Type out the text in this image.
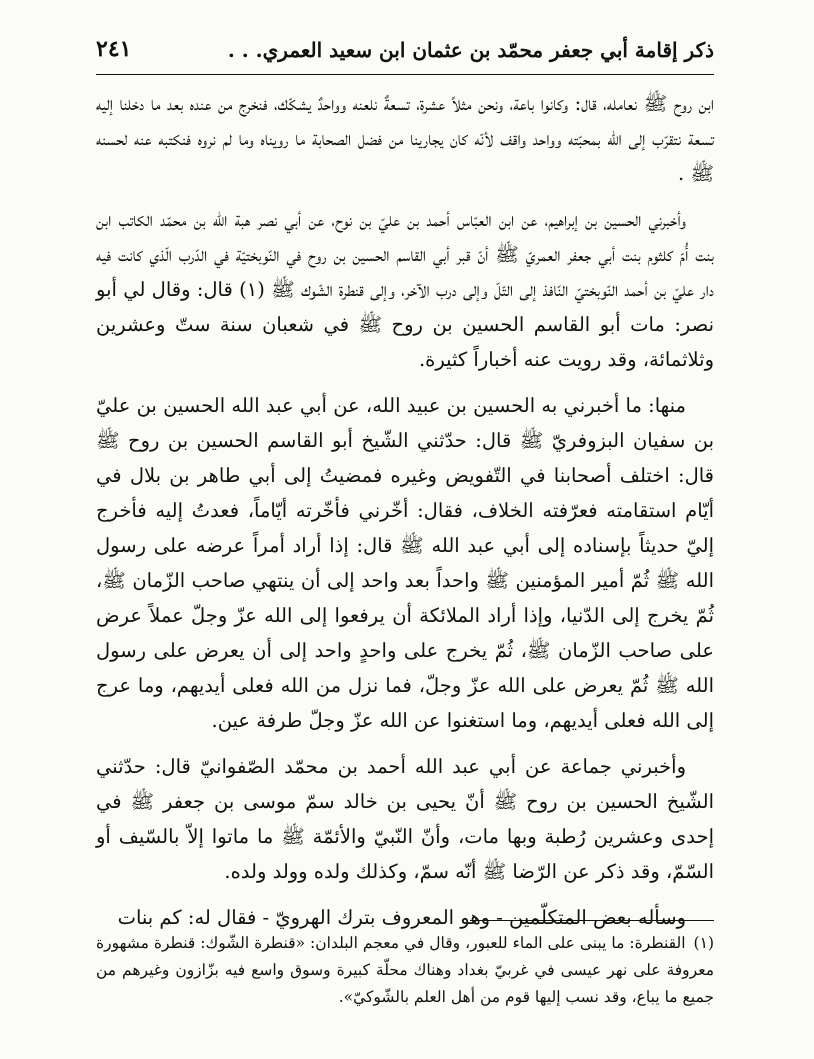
ذكر إقامة أبي جعفر محمّد بن عثمان ابن سعيد العمري. . .
٢٤١

ابن روح ﷺ نعامله، قال: وكانوا باعة، ونحن مثلاً عشرة، تسعةٌ نلعنه وواحدٌ يشكّك، فنخرج من عنده بعد ما دخلنا إليه تسعة نتقرّب إلى الله بمحبّته وواحد واقف لأنّه كان يجارينا من فضل الصحابة ما رويناه وما لم نروه فنكتبه عنه لحسنه ﷺ .

وأخبرني الحسين بن إبراهيم، عن ابن العبّاس أحمد بن عليّ بن نوح، عن أبي نصر هبة الله بن محمّد الكاتب ابن بنت أُمّ كلثوم بنت أبي جعفر العمريّ ﷺ أنّ قبر أبي القاسم الحسين بن روح في النّوبختيّة في الدّرب الّذي كانت فيه دار عليّ بن أحمد النّوبختيّ النّافذ إلى التّلّ وإلى درب الآخر، وإلى قنطرة الشّوك ﷺ (١) قال: وقال لي أبو نصر: مات أبو القاسم الحسين بن روح ﷺ في شعبان سنة ستّ وعشرين وثلاثمائة، وقد رويت عنه أخباراً كثيرة.

منها: ما أخبرني به الحسين بن عبيد الله، عن أبي عبد الله الحسين بن عليّ بن سفيان البزوفريّ ﷺ قال: حدّثني الشّيخ أبو القاسم الحسين بن روح ﷺ قال: اختلف أصحابنا في التّفويض وغيره فمضيتُ إلى أبي طاهر بن بلال في أيّام استقامته فعرّفته الخلاف، فقال: أخّرني فأخّرته أيّاماً، فعدتُ إليه فأخرج إليّ حديثاً بإسناده إلى أبي عبد الله ﷺ قال: إذا أراد أمراً عرضه على رسول الله ﷺ ثُمّ أمير المؤمنين ﷺ واحداً بعد واحد إلى أن ينتهي صاحب الزّمان ﷺ، ثُمّ يخرج إلى الدّنيا، وإذا أراد الملائكة أن يرفعوا إلى الله عزّ وجلّ عملاً عرض على صاحب الزّمان ﷺ، ثُمّ يخرج على واحدٍ واحد إلى أن يعرض على رسول الله ﷺ ثُمّ يعرض على الله عزّ وجلّ، فما نزل من الله فعلى أيديهم، وما عرج إلى الله فعلى أيديهم، وما استغنوا عن الله عزّ وجلّ طرفة عين.

وأخبرني جماعة عن أبي عبد الله أحمد بن محمّد الصّفوانيّ قال: حدّثني الشّيخ الحسين بن روح ﷺ أنّ يحيى بن خالد سمّ موسى بن جعفر ﷺ في إحدى وعشرين رُطبة وبها مات، وأنّ النّبيّ والأئمّة ﷺ ما ماتوا إلاّ بالسّيف أو السّمّ، وقد ذكر عن الرّضا ﷺ أنّه سمّ، وكذلك ولده وولد ولده.

وسأله بعض المتكلّمين - وهو المعروف بترك الهرويّ - فقال له: كم بنات

(١)القنطرة: ما يبنى على الماء للعبور، وقال في معجم البلدان: «قنطرة الشّوك: قنطرة مشهورة معروفة على نهر عيسى في غربيّ بغداد وهناك محلّة كبيرة وسوق واسع فيه بزّازون وغيرهم من جميع ما يباع، وقد نسب إليها قوم من أهل العلم بالشّوكيّ».
